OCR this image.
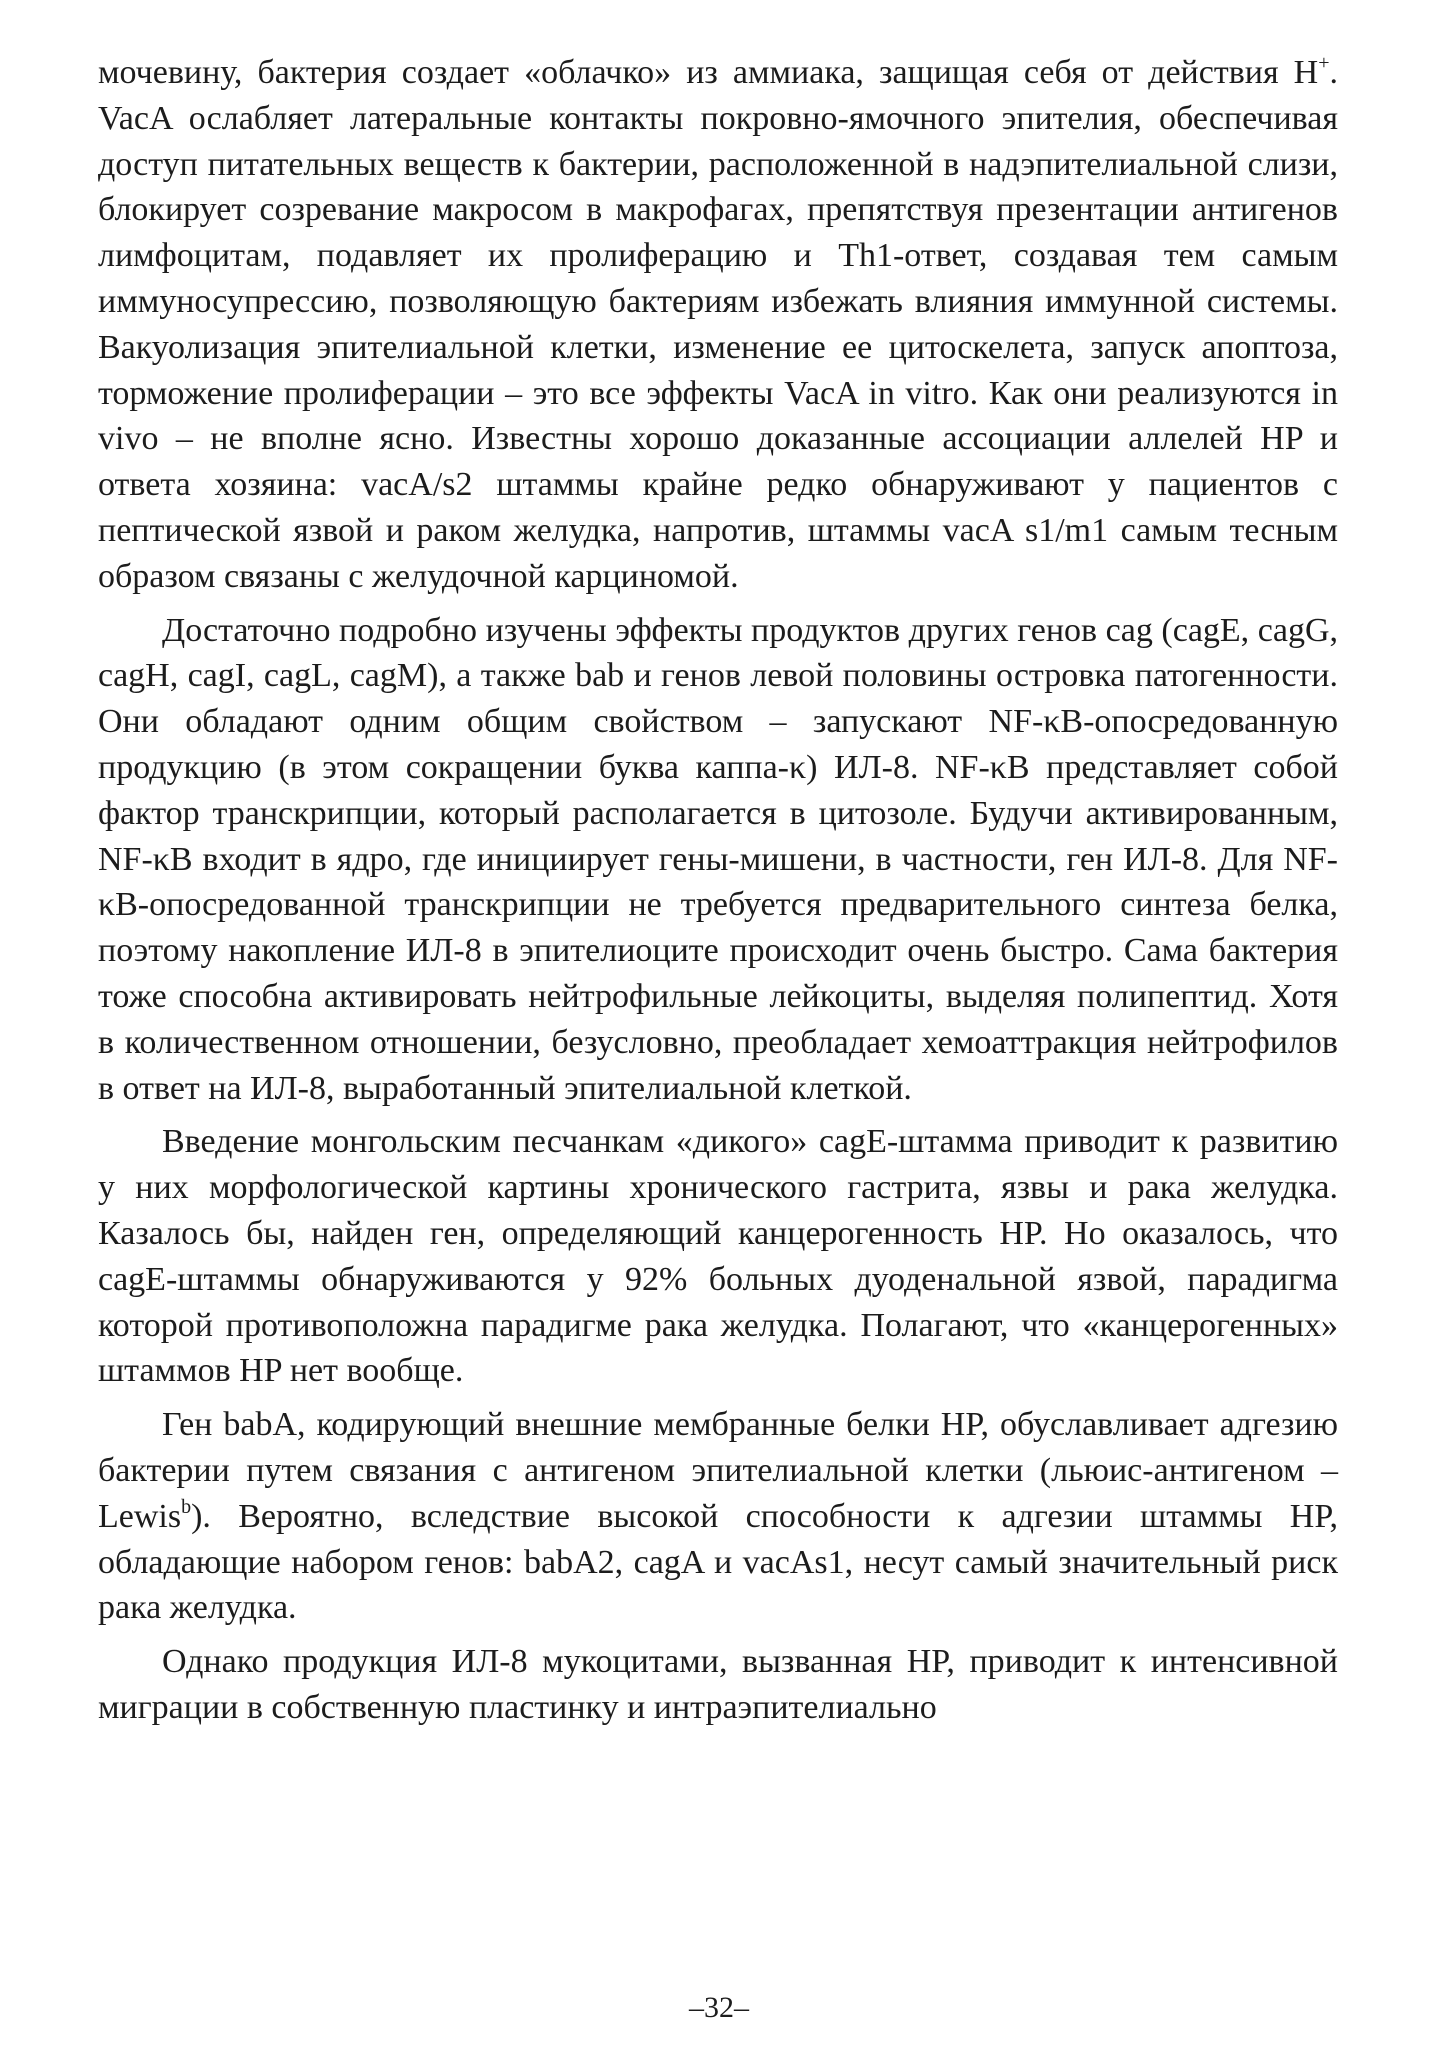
мочевину, бактерия создает «облачко» из аммиака, защищая себя от действия Н+. VacA ослабляет латеральные контакты покровно-ямочного эпителия, обеспечивая доступ питательных веществ к бактерии, расположенной в надэпителиальной слизи, блокирует созревание макросом в макрофагах, препятствуя презентации антигенов лимфоцитам, подавляет их пролиферацию и Th1-ответ, создавая тем самым иммуносупрессию, позволяющую бактериям избежать влияния иммунной системы. Вакуолизация эпителиальной клетки, изменение ее цитоскелета, запуск апоптоза, торможение пролиферации – это все эффекты VacA in vitro. Как они реализуются in vivo – не вполне ясно. Известны хорошо доказанные ассоциации аллелей HP и ответа хозяина: vacA/s2 штаммы крайне редко обнаруживают у пациентов с пептической язвой и раком желудка, напротив, штаммы vacA s1/m1 самым тесным образом связаны с желудочной карциномой.

Достаточно подробно изучены эффекты продуктов других генов cag (cagE, cagG, cagH, cagI, cagL, cagM), а также bab и генов левой половины островка патогенности. Они обладают одним общим свойством – запускают NF-κB-опосредованную продукцию (в этом сокращении буква каппа-κ) ИЛ-8. NF-κB представляет собой фактор транскрипции, который располагается в цитозоле. Будучи активированным, NF-κB входит в ядро, где инициирует гены-мишени, в частности, ген ИЛ-8. Для NF-κB-опосредованной транскрипции не требуется предварительного синтеза белка, поэтому накопление ИЛ-8 в эпителиоците происходит очень быстро. Сама бактерия тоже способна активировать нейтрофильные лейкоциты, выделяя полипептид. Хотя в количественном отношении, безусловно, преобладает хемоаттракция нейтрофилов в ответ на ИЛ-8, выработанный эпителиальной клеткой.

Введение монгольским песчанкам «дикого» cagE-штамма приводит к развитию у них морфологической картины хронического гастрита, язвы и рака желудка. Казалось бы, найден ген, определяющий канцерогенность HP. Но оказалось, что cagE-штаммы обнаруживаются у 92% больных дуоденальной язвой, парадигма которой противоположна парадигме рака желудка. Полагают, что «канцерогенных» штаммов HP нет вообще.

Ген babA, кодирующий внешние мембранные белки HP, обуславливает адгезию бактерии путем связания с антигеном эпителиальной клетки (льюис-антигеном – Lewis$^b$). Вероятно, вследствие высокой способности к адгезии штаммы HP, обладающие набором генов: babA2, cagA и vacAs1, несут самый значительный риск рака желудка.

Однако продукция ИЛ-8 мукоцитами, вызванная HP, приводит к интенсивной миграции в собственную пластинку и интраэпителиально

–32–
